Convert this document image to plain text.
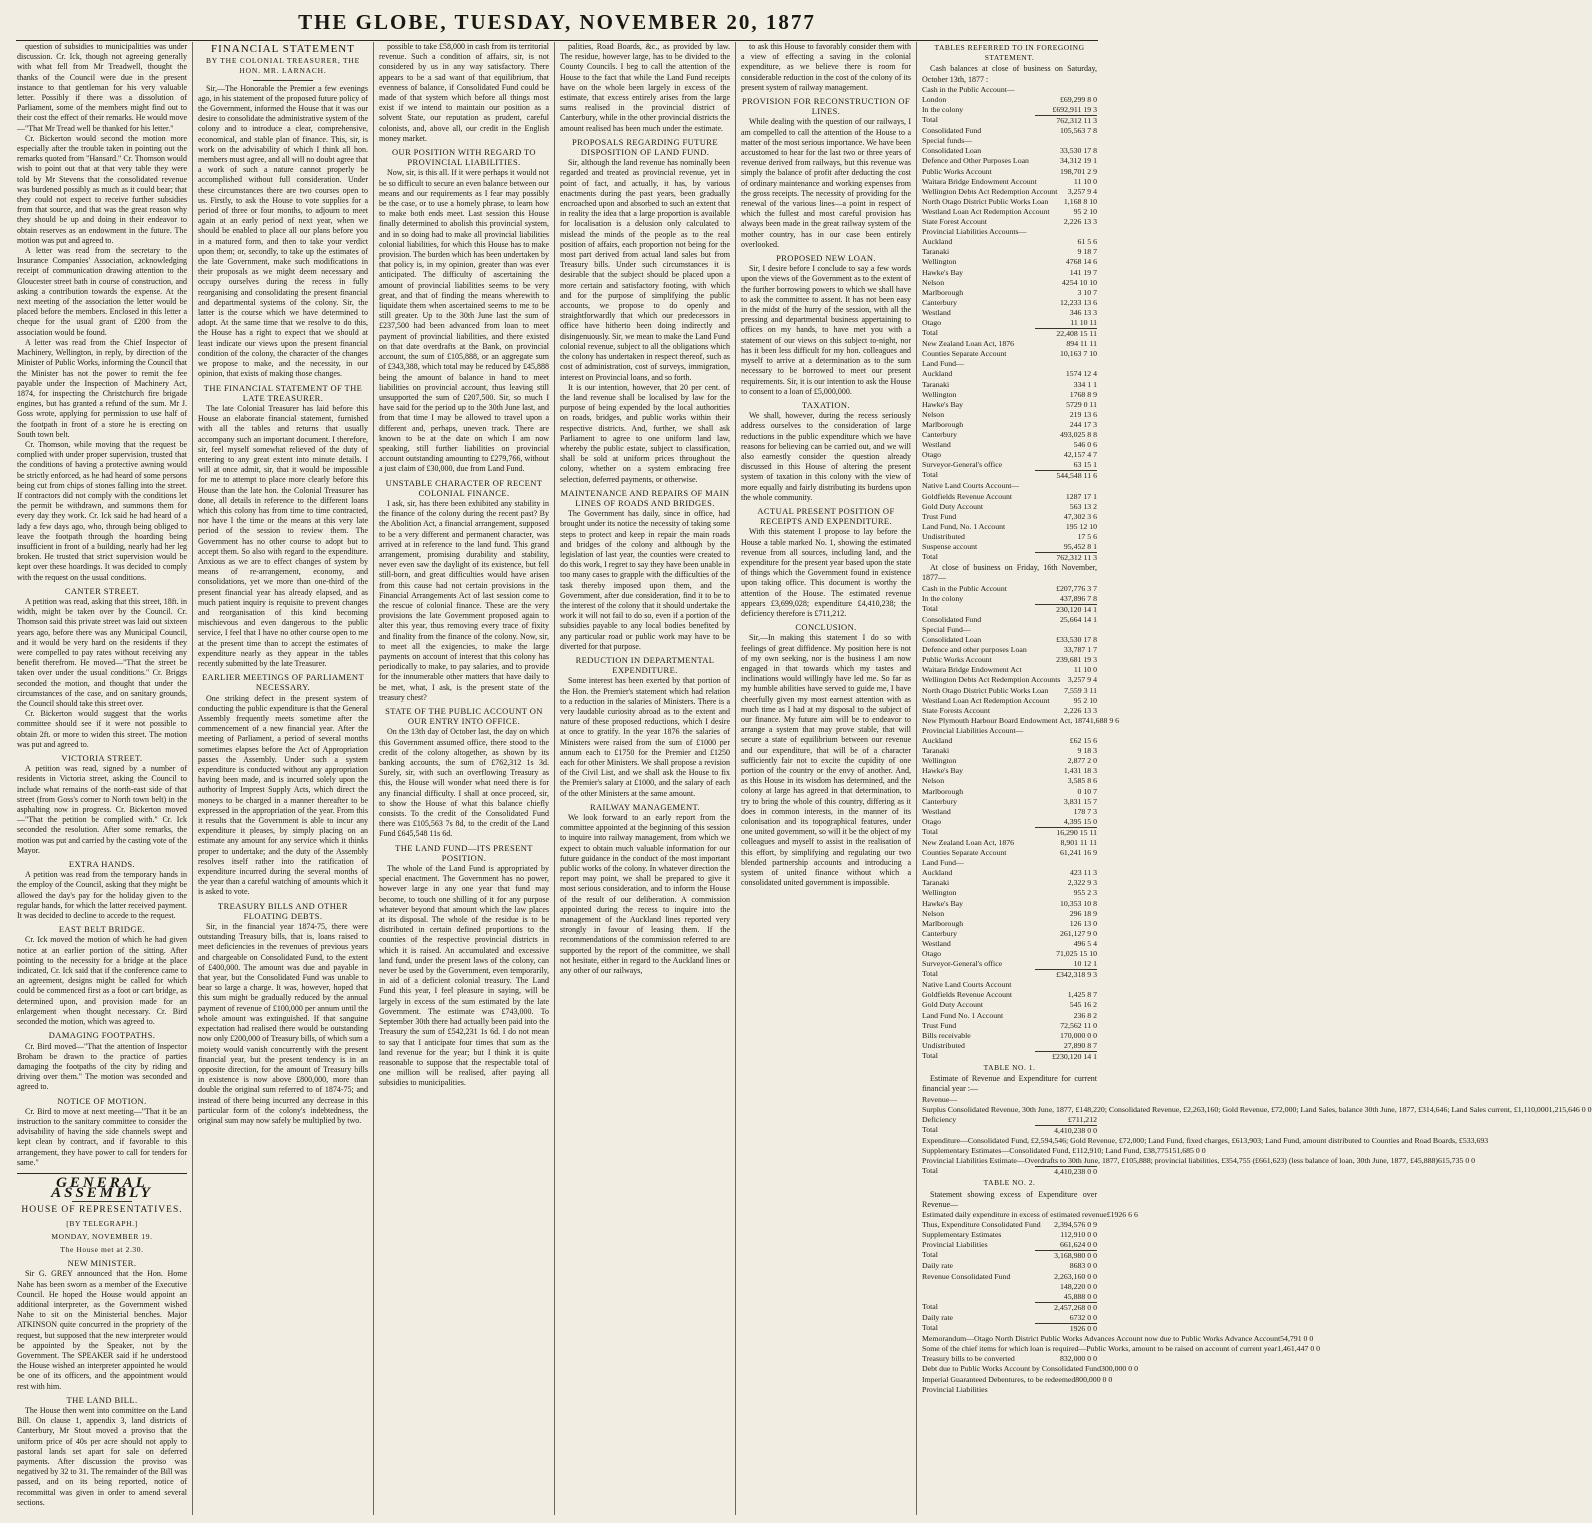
THE GLOBE, TUESDAY, NOVEMBER 20, 1877

question of subsidies to municipalities was under discussion. Cr. Ick, though not agreeing generally with what fell from Mr Treadwell, thought the thanks of the Council were due in the present instance to that gentleman for his very valuable letter. Possibly if there was a dissolution of Parliament, some of the members might find out to their cost the effect of their remarks. He would move—"That Mr Tread well be thanked for his letter."

Cr. Bickerton would second the motion more especially after the trouble taken in pointing out the remarks quoted from "Hansard." Cr. Thomson would wish to point out that at that very table they were told by Mr Stevens that the consolidated revenue was burdened possibly as much as it could bear; that they could not expect to receive further subsidies from that source, and that was the great reason why they should be up and doing in their endeavor to obtain reserves as an endowment in the future. The motion was put and agreed to.

A letter was read from the secretary to the Insurance Companies' Association, acknowledging receipt of communication drawing attention to the Gloucester street bath in course of construction, and asking a contribution towards the expense. At the next meeting of the association the letter would be placed before the members. Enclosed in this letter a cheque for the usual grant of £200 from the association would be found.

A letter was read from the Chief Inspector of Machinery, Wellington, in reply, by direction of the Minister of Public Works, informing the Council that the Minister has not the power to remit the fee payable under the Inspection of Machinery Act, 1874, for inspecting the Christchurch fire brigade engines, but has granted a refund of the sum. Mr J. Goss wrote, applying for permission to use half of the footpath in front of a store he is erecting on South town belt.

Cr. Thomson, while moving that the request be complied with under proper supervision, trusted that the conditions of having a protective awning would be strictly enforced, as he had heard of some persons being cut from chips of stones falling into the street. If contractors did not comply with the conditions let the permit be withdrawn, and summons them for every day they work. Cr. Ick said he had heard of a lady a few days ago, who, through being obliged to leave the footpath through the hoarding being insufficient in front of a building, nearly had her leg broken. He trusted that strict supervision would be kept over these hoardings. It was decided to comply with the request on the usual conditions.

CANTER STREET.

A petition was read, asking that this street, 18ft. in width, might be taken over by the Council. Cr. Thomson said this private street was laid out sixteen years ago, before there was any Municipal Council, and it would be very hard on the residents if they were compelled to pay rates without receiving any benefit therefrom. He moved—"That the street be taken over under the usual conditions." Cr. Briggs seconded the motion, and thought that under the circumstances of the case, and on sanitary grounds, the Council should take this street over.

Cr. Bickerton would suggest that the works committee should see if it were not possible to obtain 2ft. or more to widen this street. The motion was put and agreed to.

VICTORIA STREET.

A petition was read, signed by a number of residents in Victoria street, asking the Council to include what remains of the north-east side of that street (from Goss's corner to North town belt) in the asphalting now in progress. Cr. Bickerton moved—"That the petition be complied with." Cr. Ick seconded the resolution. After some remarks, the motion was put and carried by the casting vote of the Mayor.

EXTRA HANDS.

A petition was read from the temporary hands in the employ of the Council, asking that they might be allowed the day's pay for the holiday given to the regular hands, for which the latter received payment. It was decided to decline to accede to the request.

EAST BELT BRIDGE.

Cr. Ick moved the motion of which he had given notice at an earlier portion of the sitting. After pointing to the necessity for a bridge at the place indicated, Cr. Ick said that if the conference came to an agreement, designs might be called for which could be commenced first as a foot or cart bridge, as determined upon, and provision made for an enlargement when thought necessary. Cr. Bird seconded the motion, which was agreed to.

DAMAGING FOOTPATHS.

Cr. Bird moved—"That the attention of Inspector Broham be drawn to the practice of parties damaging the footpaths of the city by riding and driving over them." The motion was seconded and agreed to.

NOTICE OF MOTION.

Cr. Bird to move at next meeting—"That it be an instruction to the sanitary committee to consider the advisability of having the side channels swept and kept clean by contract, and if favorable to this arrangement, they have power to call for tenders for same."

GENERAL ASSEMBLY
HOUSE OF REPRESENTATIVES.
[BY TELEGRAPH.]
MONDAY, NOVEMBER 19.
The House met at 2.30.
NEW MINISTER.

Sir G. GREY announced that the Hon. Home Nahe has been sworn as a member of the Executive Council. He hoped the House would appoint an additional interpreter, as the Government wished Nahe to sit on the Ministerial benches. Major ATKINSON quite concurred in the propriety of the request, but supposed that the new interpreter would be appointed by the Speaker, not by the Government. The SPEAKER said if he understood the House wished an interpreter appointed he would be one of its officers, and the appointment would rest with him.

THE LAND BILL.

The House then went into committee on the Land Bill. On clause 1, appendix 3, land districts of Canterbury, Mr Stout moved a proviso that the uniform price of 40s per acre should not apply to pastoral lands set apart for sale on deferred payments. After discussion the proviso was negatived by 32 to 31. The remainder of the Bill was passed, and on its being reported, notice of recommittal was given in order to amend several sections.

FINANCIAL STATEMENT
BY THE COLONIAL TREASURER, THE HON. MR. LARNACH.

Sir,—The Honorable the Premier a few evenings ago, in his statement of the proposed future policy of the Government, informed the House that it was our desire to consolidate the administrative system of the colony and to introduce a clear, comprehensive, economical, and stable plan of finance. This, sir, is work on the advisability of which I think all hon. members must agree, and all will no doubt agree that a work of such a nature cannot properly be accomplished without full consideration. Under these circumstances there are two courses open to us. Firstly, to ask the House to vote supplies for a period of three or four months, to adjourn to meet again at an early period of next year, when we should be enabled to place all our plans before you in a matured form, and then to take your verdict upon them; or, secondly, to take up the estimates of the late Government, make such modifications in their proposals as we might deem necessary and occupy ourselves during the recess in fully reorganising and consolidating the present financial and departmental systems of the colony. Sir, the latter is the course which we have determined to adopt. At the same time that we resolve to do this, the House has a right to expect that we should at least indicate our views upon the present financial condition of the colony, the character of the changes we propose to make, and the necessity, in our opinion, that exists of making those changes.

THE FINANCIAL STATEMENT OF THE LATE TREASURER.

The late Colonial Treasurer has laid before this House an elaborate financial statement, furnished with all the tables and returns that usually accompany such an important document. I therefore, sir, feel myself somewhat relieved of the duty of entering to any great extent into minute details. I will at once admit, sir, that it would be impossible for me to attempt to place more clearly before this House than the late hon. the Colonial Treasurer has done, all details in reference to the different loans which this colony has from time to time contracted, nor have I the time or the means at this very late period of the session to review them. The Government has no other course to adopt but to accept them. So also with regard to the expenditure. Anxious as we are to effect changes of system by means of re-arrangement, economy, and consolidations, yet we more than one-third of the present financial year has already elapsed, and as much patient inquiry is requisite to prevent changes and reorganisation of this kind becoming mischievous and even dangerous to the public service, I feel that I have no other course open to me at the present time than to accept the estimates of expenditure nearly as they appear in the tables recently submitted by the late Treasurer.

EARLIER MEETINGS OF PARLIAMENT NECESSARY.

One striking defect in the present system of conducting the public expenditure is that the General Assembly frequently meets sometime after the commencement of a new financial year. After the meeting of Parliament, a period of several months sometimes elapses before the Act of Appropriation passes the Assembly. Under such a system expenditure is conducted without any appropriation having been made, and is incurred solely upon the authority of Imprest Supply Acts, which direct the moneys to be charged in a manner thereafter to be expressed in the appropriation of the year. From this it results that the Government is able to incur any expenditure it pleases, by simply placing on an estimate any amount for any service which it thinks proper to undertake; and the duty of the Assembly resolves itself rather into the ratification of expenditure incurred during the several months of the year than a careful watching of amounts which it is asked to vote.

TREASURY BILLS AND OTHER FLOATING DEBTS.

Sir, in the financial year 1874-75, there were outstanding Treasury bills, that is, loans raised to meet deficiencies in the revenues of previous years and chargeable on Consolidated Fund, to the extent of £400,000. The amount was due and payable in that year, but the Consolidated Fund was unable to bear so large a charge. It was, however, hoped that this sum might be gradually reduced by the annual payment of revenue of £100,000 per annum until the whole amount was extinguished. If that sanguine expectation had realised there would be outstanding now only £200,000 of Treasury bills, of which sum a moiety would vanish concurrently with the present financial year, but the present tendency is in an opposite direction, for the amount of Treasury bills in existence is now above £800,000, more than double the original sum referred to of 1874-75; and instead of there being incurred any decrease in this particular form of the colony's indebtedness, the original sum may now safely be multiplied by two.

possible to take £58,000 in cash from its territorial revenue. Such a condition of affairs, sir, is not considered by us in any way satisfactory. There appears to be a sad want of that equilibrium, that evenness of balance, if Consolidated Fund could be made of that system which before all things most exist if we intend to maintain our position as a solvent State, our reputation as prudent, careful colonists, and, above all, our credit in the English money market.

OUR POSITION WITH REGARD TO PROVINCIAL LIABILITIES.

Now, sir, is this all. If it were perhaps it would not be so difficult to secure an even balance between our means and our requirements as I fear may possibly be the case, or to use a homely phrase, to learn how to make both ends meet. Last session this House finally determined to abolish this provincial system, and in so doing had to make all provincial liabilities colonial liabilities, for which this House has to make provision. The burden which has been undertaken by that policy is, in my opinion, greater than was ever anticipated. The difficulty of ascertaining the amount of provincial liabilities seems to be very great, and that of finding the means wherewith to liquidate them when ascertained seems to me to be still greater. Up to the 30th June last the sum of £237,500 had been advanced from loan to meet payment of provincial liabilities, and there existed on that date overdrafts at the Bank, on provincial account, the sum of £105,888, or an aggregate sum of £343,388, which total may be reduced by £45,888 being the amount of balance in hand to meet liabilities on provincial account, thus leaving still unsupported the sum of £207,500. Sir, so much I have said for the period up to the 30th June last, and from that time I may be allowed to travel upon a different and, perhaps, uneven track. There are known to be at the date on which I am now speaking, still further liabilities on provincial account outstanding amounting to £279,766, without a just claim of £30,000, due from Land Fund.

UNSTABLE CHARACTER OF RECENT COLONIAL FINANCE.

I ask, sir, has there been exhibited any stability in the finance of the colony during the recent past? By the Abolition Act, a financial arrangement, supposed to be a very different and permanent character, was arrived at in reference to the land fund. This grand arrangement, promising durability and stability, never even saw the daylight of its existence, but fell still-born, and great difficulties would have arisen from this cause had not certain provisions in the Financial Arrangements Act of last session come to the rescue of colonial finance. These are the very provisions the late Government proposed again to alter this year, thus removing every trace of fixity and finality from the finance of the colony. Now, sir, to meet all the exigencies, to make the large payments on account of interest that this colony has periodically to make, to pay salaries, and to provide for the innumerable other matters that have daily to be met, what, I ask, is the present state of the treasury chest?

STATE OF THE PUBLIC ACCOUNT ON OUR ENTRY INTO OFFICE.

On the 13th day of October last, the day on which this Government assumed office, there stood to the credit of the colony altogether, as shown by its banking accounts, the sum of £762,312 1s 3d. Surely, sir, with such an overflowing Treasury as this, the House will wonder what need there is for any financial difficulty. I shall at once proceed, sir, to show the House of what this balance chiefly consists. To the credit of the Consolidated Fund there was £105,563 7s 8d, to the credit of the Land Fund £645,548 11s 6d.

THE LAND FUND—ITS PRESENT POSITION.

The whole of the Land Fund is appropriated by special enactment. The Government has no power, however large in any one year that fund may become, to touch one shilling of it for any purpose whatever beyond that amount which the law places at its disposal. The whole of the residue is to be distributed in certain defined proportions to the counties of the respective provincial districts in which it is raised. An accumulated and excessive land fund, under the present laws of the colony, can never be used by the Government, even temporarily, in aid of a deficient colonial treasury. The Land Fund this year, I feel pleasure in saying, will be largely in excess of the sum estimated by the late Government. The estimate was £743,000. To September 30th there had actually been paid into the Treasury the sum of £542,231 1s 6d. I do not mean to say that I anticipate four times that sum as the land revenue for the year; but I think it is quite reasonable to suppose that the respectable total of one million will be realised, after paying all subsidies to municipalities.

palities, Road Boards, &c., as provided by law. The residue, however large, has to be divided to the County Councils. I beg to call the attention of the House to the fact that while the Land Fund receipts have on the whole been largely in excess of the estimate, that excess entirely arises from the large sums realised in the provincial district of Canterbury, while in the other provincial districts the amount realised has been much under the estimate.

PROPOSALS REGARDING FUTURE DISPOSITION OF LAND FUND.

Sir, although the land revenue has nominally been regarded and treated as provincial revenue, yet in point of fact, and actually, it has, by various enactments during the past years, been gradually encroached upon and absorbed to such an extent that in reality the idea that a large proportion is available for localisation is a delusion only calculated to mislead the minds of the people as to the real position of affairs, each proportion not being for the most part derived from actual land sales but from Treasury bills. Under such circumstances it is desirable that the subject should be placed upon a more certain and satisfactory footing, with which and for the purpose of simplifying the public accounts, we propose to do openly and straightforwardly that which our predecessors in office have hitherto been doing indirectly and disingenuously. Sir, we mean to make the Land Fund colonial revenue, subject to all the obligations which the colony has undertaken in respect thereof, such as cost of administration, cost of surveys, immigration, interest on Provincial loans, and so forth.

It is our intention, however, that 20 per cent. of the land revenue shall be localised by law for the purpose of being expended by the local authorities on roads, bridges, and public works within their respective districts. And, further, we shall ask Parliament to agree to one uniform land law, whereby the public estate, subject to classification, shall be sold at uniform prices throughout the colony, whether on a system embracing free selection, deferred payments, or otherwise.

MAINTENANCE AND REPAIRS OF MAIN LINES OF ROADS AND BRIDGES.

The Government has daily, since in office, had brought under its notice the necessity of taking some steps to protect and keep in repair the main roads and bridges of the colony and although by the legislation of last year, the counties were created to do this work, I regret to say they have been unable in too many cases to grapple with the difficulties of the task thereby imposed upon them, and the Government, after due consideration, find it to be to the interest of the colony that it should undertake the work it will not fail to do so, even if a portion of the subsidies payable to any local bodies benefited by any particular road or public work may have to be diverted for that purpose.

REDUCTION IN DEPARTMENTAL EXPENDITURE.

Some interest has been exerted by that portion of the Hon. the Premier's statement which had relation to a reduction in the salaries of Ministers. There is a very laudable curiosity abroad as to the extent and nature of these proposed reductions, which I desire at once to gratify. In the year 1876 the salaries of Ministers were raised from the sum of £1000 per annum each to £1750 for the Premier and £1250 each for other Ministers. We shall propose a revision of the Civil List, and we shall ask the House to fix the Premier's salary at £1000, and the salary of each of the other Ministers at the same amount.

RAILWAY MANAGEMENT.

We look forward to an early report from the committee appointed at the beginning of this session to inquire into railway management, from which we expect to obtain much valuable information for our future guidance in the conduct of the most important public works of the colony. In whatever direction the report may point, we shall be prepared to give it most serious consideration, and to inform the House of the result of our deliberation. A commission appointed during the recess to inquire into the management of the Auckland lines reported very strongly in favour of leasing them. If the recommendations of the commission referred to are supported by the report of the committee, we shall not hesitate, either in regard to the Auckland lines or any other of our railways,

to ask this House to favorably consider them with a view of effecting a saving in the colonial expenditure, as we believe there is room for considerable reduction in the cost of the colony of its present system of railway management.

PROVISION FOR RECONSTRUCTION OF LINES.

While dealing with the question of our railways, I am compelled to call the attention of the House to a matter of the most serious importance. We have been accustomed to hear for the last two or three years of revenue derived from railways, but this revenue was simply the balance of profit after deducting the cost of ordinary maintenance and working expenses from the gross receipts. The necessity of providing for the renewal of the various lines—a point in respect of which the fullest and most careful provision has always been made in the great railway system of the mother country, has in our case been entirely overlooked.

PROPOSED NEW LOAN.

Sir, I desire before I conclude to say a few words upon the views of the Government as to the extent of the further borrowing powers to which we shall have to ask the committee to assent. It has not been easy in the midst of the hurry of the session, with all the pressing and departmental business appertaining to offices on my hands, to have met you with a statement of our views on this subject to-night, nor has it been less difficult for my hon. colleagues and myself to arrive at a determination as to the sum necessary to be borrowed to meet our present requirements. Sir, it is our intention to ask the House to consent to a loan of £5,000,000.

TAXATION.

We shall, however, during the recess seriously address ourselves to the consideration of large reductions in the public expenditure which we have reasons for believing can be carried out, and we will also earnestly consider the question already discussed in this House of altering the present system of taxation in this colony with the view of more equally and fairly distributing its burdens upon the whole community.

ACTUAL PRESENT POSITION OF RECEIPTS AND EXPENDITURE.

With this statement I propose to lay before the House a table marked No. 1, showing the estimated revenue from all sources, including land, and the expenditure for the present year based upon the state of things which the Government found in existence upon taking office. This document is worthy the attention of the House. The estimated revenue appears £3,699,028; expenditure £4,410,238; the deficiency therefore is £711,212.

CONCLUSION.

Sir,—In making this statement I do so with feelings of great diffidence. My position here is not of my own seeking, nor is the business I am now engaged in that towards which my tastes and inclinations would willingly have led me. So far as my humble abilities have served to guide me, I have cheerfully given my most earnest attention with as much time as I had at my disposal to the subject of our finance. My future aim will be to endeavor to arrange a system that may prove stable, that will secure a state of equilibrium between our revenue and our expenditure, that will be of a character sufficiently fair not to excite the cupidity of one portion of the country or the envy of another. And, as this House in its wisdom has determined, and the colony at large has agreed in that determination, to try to bring the whole of this country, differing as it does in common interests, in the manner of its colonisation and its topographical features, under one united government, so will it be the object of my colleagues and myself to assist in the realisation of this effort, by simplifying and regulating our two blended partnership accounts and introducing a system of united finance without which a consolidated united government is impossible.

TABLES REFERRED TO IN FOREGOING STATEMENT.

Cash balances at close of business on Saturday, October 13th, 1877 :

Cash in the Public Account—
London	£69,299 8 0
In the colony	£692,911 19 3
Total	762,312 11 3
Consolidated Fund	105,563 7 8
Special funds—
Consolidated Loan	33,530 17 8
Defence and Other Purposes Loan	34,312 19 1
Public Works Account	198,701 2 9
Waitara Bridge Endowment Account	11 10 0
Wellington Debts Act Redemption Account	3,257 9 4
North Otago District Public Works Loan	1,168 8 10
Westland Loan Act Redemption Account	95 2 10
State Forest Account	2,226 13 3
Provincial Liabilities Accounts—
Auckland	61 5 6
Taranaki	9 18 7
Wellington	4768 14 6
Hawke's Bay	141 19 7
Nelson	4254 10 10
Marlborough	3 10 7
Canterbury	12,233 13 6
Westland	346 13 3
Otago	11 10 11
Total	22,408 15 11
New Zealand Loan Act, 1876	894 11 11
Counties Separate Account	10,163 7 10
Land Fund—
Auckland	1574 12 4
Taranaki	334 1 1
Wellington	1768 8 9
Hawke's Bay	5729 0 11
Nelson	219 13 6
Marlborough	244 17 3
Canterbury	493,025 8 8
Westland	546 0 6
Otago	42,157 4 7
Surveyor-General's office	63 15 1
Total	544,548 11 6
Native Land Courts Account—
Goldfields Revenue Account	1287 17 1
Gold Duty Account	563 13 2
Trust Fund	47,302 3 6
Land Fund, No. 1 Account	195 12 10
Undistributed	17 5 6
Suspense account	95,452 8 1
Total	762,312 11 3

At close of business on Friday, 16th November, 1877—

Cash in the Public Account	£207,776 3 7
In the colony	437,896 7 8
Total	230,120 14 1
Consolidated Fund	25,664 14 1
Special Fund—
Consolidated Loan	£33,530 17 8
Defence and other purposes Loan	33,787 1 7
Public Works Account	239,681 19 3
Waitara Bridge Endowment Act	11 10 0
Wellington Debts Act Redemption Accounts 3,257 9 4
North Otago District Public Works Loan	7,559 3 11
Westland Loan Act Redemption Account	95 2 10
State Forests Account	2,226 13 3
New Plymouth Harbour Board Endowment Act, 1874 1,688 9 6
Provincial Liabilities Account—
Auckland	£62 15 6
Taranaki	9 18 3
Wellington	2,877 2 0
Hawke's Bay	1,431 18 3
Nelson	3,585 8 6
Marlborough	0 10 7
Canterbury	3,831 15 7
Westland	178 7 3
Otago	4,395 15 0
Total	16,290 15 11
New Zealand Loan Act, 1876	8,901 11 11
Counties Separate Account	61,241 16 9
Land Fund—
Auckland	423 11 3
Taranaki	2,322 9 3
Wellington	955 2 3
Hawke's Bay	10,353 10 8
Nelson	296 18 9
Marlborough	126 13 0
Canterbury	261,127 9 0
Westland	496 5 4
Otago	71,025 15 10
Surveyor-General's office	10 12 1
Total	£342,318 9 3
Native Land Courts Account
Goldfields Revenue Account	1,425 8 7
Gold Duty Account	545 16 2
Land Fund No. 1 Account	236 8 2
Trust Fund	72,562 11 0
Bills receivable	170,000 0 0
Undistributed	27,890 8 7
Total	£230,120 14 1
TABLE NO. 1.

Estimate of Revenue and Expenditure for current financial year :—

Revenue—
Surplus Consolidated Revenue, 30th June, 1877, £148,220; Consolidated Revenue, £2,263,160; Gold Revenue, £72,000; Land Sales, balance 30th June, 1877, £314,646; Land Sales current, £1,110,000 1,215,646 0 0
Deficiency	£711,212
Total	4,410,238 0 0
Expenditure—Consolidated Fund, £2,594,546; Gold Revenue, £72,000; Land Fund, fixed charges, £613,903; Land Fund, amount distributed to Counties and Road Boards, £533,693
Supplementary Estimates—Consolidated Fund, £112,910; Land Fund, £38,775 151,685 0 0
Provincial Liabilities Estimate—Overdrafts to 30th June, 1877, £105,888; provincial liabilities, £354,755 (£661,623) (less balance of loan, 30th June, 1877, £45,888) 615,735 0 0
Total	4,410,238 0 0
TABLE NO. 2.

Statement showing excess of Expenditure over Revenue—

Estimated daily expenditure in excess of estimated revenue £1926 6 6
Thus, Expenditure Consolidated Fund	2,394,576 0 9
Supplementary Estimates	112,910 0 0
Provincial Liabilities	661,624 0 0
Total	3,168,980 0 0
Daily rate	8683 0 0
Revenue Consolidated Fund	2,263,160 0 0
148,220 0 0
45,888 0 0
Total	2,457,268 0 0
Daily rate	6732 0 0
Total	1926 0 0
Memorandum—Otago North District Public Works Advances Account now due to Public Works Advance Account 54,791 0 0
Some of the chief items for which loan is required—Public Works, amount to be raised on account of current year 1,461,447 0 0
Treasury bills to be converted	832,000 0 0
Debt due to Public Works Account by Consolidated Fund 300,000 0 0
Imperial Guaranteed Debentures, to be redeemed 800,000 0 0
Provincial Liabilities
